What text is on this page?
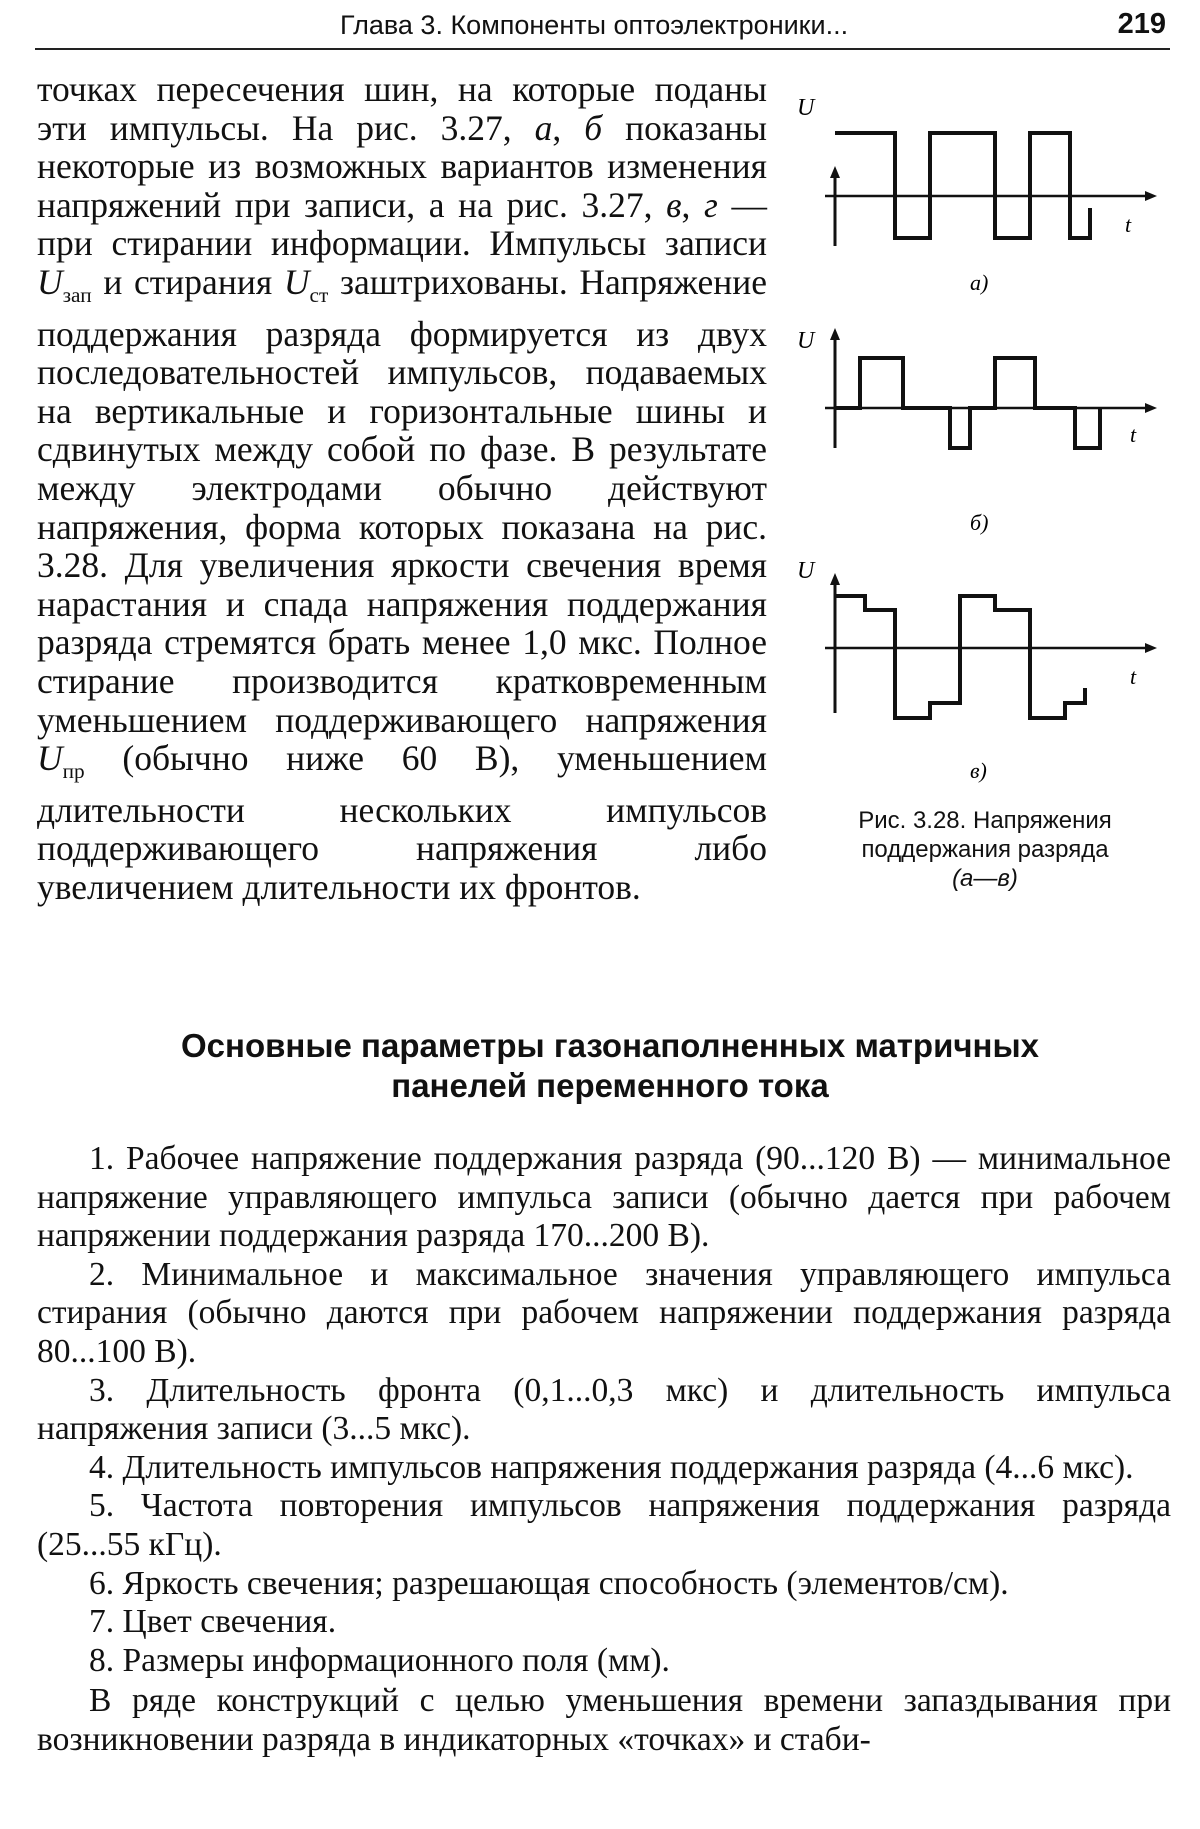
Глава 3. Компоненты оптоэлектроники...	219

точках пересечения шин, на которые поданы эти импульсы. На рис. 3.27, а, б показаны некоторые из возможных вариантов изменения напряжений при записи, а на рис. 3.27, в, г — при стирании информации. Импульсы записи $U_{зап}$ и стирания $U_{ст}$ заштрихованы. Напряжение поддержания разряда формируется из двух последовательностей импульсов, подаваемых на вертикальные и горизонтальные шины и сдвинутых между собой по фазе. В результате между электродами обычно действуют напряжения, форма которых показана на рис. 3.28. Для увеличения яркости свечения время нарастания и спада напряжения поддержания разряда стремятся брать менее 1,0 мкс. Полное стирание производится кратковременным уменьшением поддерживающего напряжения $U_{пр}$ (обычно ниже 60 В), уменьшением длительности нескольких импульсов поддерживающего напряжения либо увеличением длительности их фронтов.

U
t
а)
U
t
б)
U
t
в)
Рис. 3.28. Напряжения
поддержания разряда
(а—в)
Основные параметры газонаполненных матричных
панелей переменного тока

1. Рабочее напряжение поддержания разряда (90...120 В) — минимальное напряжение управляющего импульса записи (обычно дается при рабочем напряжении поддержания разряда 170...200 В).

2. Минимальное и максимальное значения управляющего импульса стирания (обычно даются при рабочем напряжении поддержания разряда 80...100 В).

3. Длительность фронта (0,1...0,3 мкс) и длительность импульса напряжения записи (3...5 мкс).

4. Длительность импульсов напряжения поддержания разряда (4...6 мкс).

5. Частота повторения импульсов напряжения поддержания разряда (25...55 кГц).

6. Яркость свечения; разрешающая способность (элементов/см).

7. Цвет свечения.

8. Размеры информационного поля (мм).

В ряде конструкций с целью уменьшения времени запаздывания при возникновении разряда в индикаторных «точках» и стаби-
